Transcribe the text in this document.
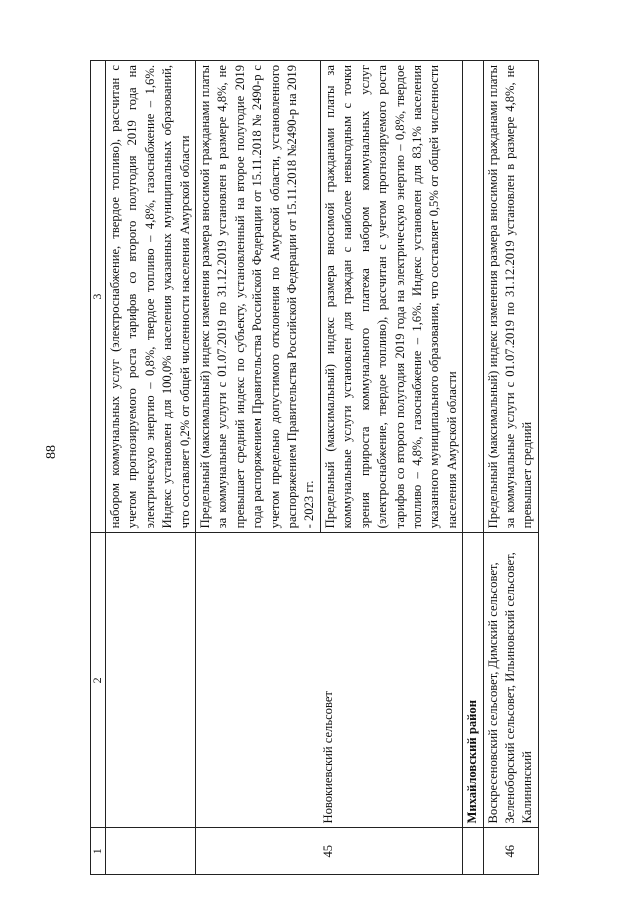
88
1	2	3
		набором коммунальных услуг (электроснабжение, твердое топливо), рассчитан с учетом прогнозируемого роста тарифов со второго полугодия 2019 года на электрическую энергию – 0,8%, твердое топливо – 4,8%, газоснабжение – 1,6%. Индекс установлен для 100,0% населения указанных муниципальных образований, что составляет 0,2% от общей численности населения Амурской области
45	Новокиевский сельсовет	Предельный (максимальный) индекс изменения размера вносимой гражданами платы за коммунальные услуги с 01.07.2019 по 31.12.2019 установлен в размере 4,8%, не превышает средний индекс по субъекту, установленный на второе полугодие 2019 года распоряжением Правительства Российской Федерации от 15.11.2018 № 2490-р с учетом предельно допустимого отклонения по Амурской области, установленного распоряжением Правительства Российской Федерации от 15.11.2018 №2490-р на 2019 - 2023 гг.
		Предельный (максимальный) индекс размера вносимой гражданами платы за коммунальные услуги установлен для граждан с наиболее невыгодным с точки зрения прироста коммунального платежа набором коммунальных услуг (электроснабжение, твердое топливо), рассчитан с учетом прогнозируемого роста тарифов со второго полугодия 2019 года на электрическую энергию – 0,8%, твердое топливо – 4,8%, газоснабжение – 1,6%. Индекс установлен для 83,1% населения указанного муниципального образования, что составляет 0,5% от общей численности населения Амурской области
	Михайловский район	
46	Воскресеновский сельсовет, Димский сельсовет, Зеленоборский сельсовет, Ильиновский сельсовет, Калининский	Предельный (максимальный) индекс изменения размера вносимой гражданами платы за коммунальные услуги с 01.07.2019 по 31.12.2019 установлен в размере 4,8%, не превышает средний
